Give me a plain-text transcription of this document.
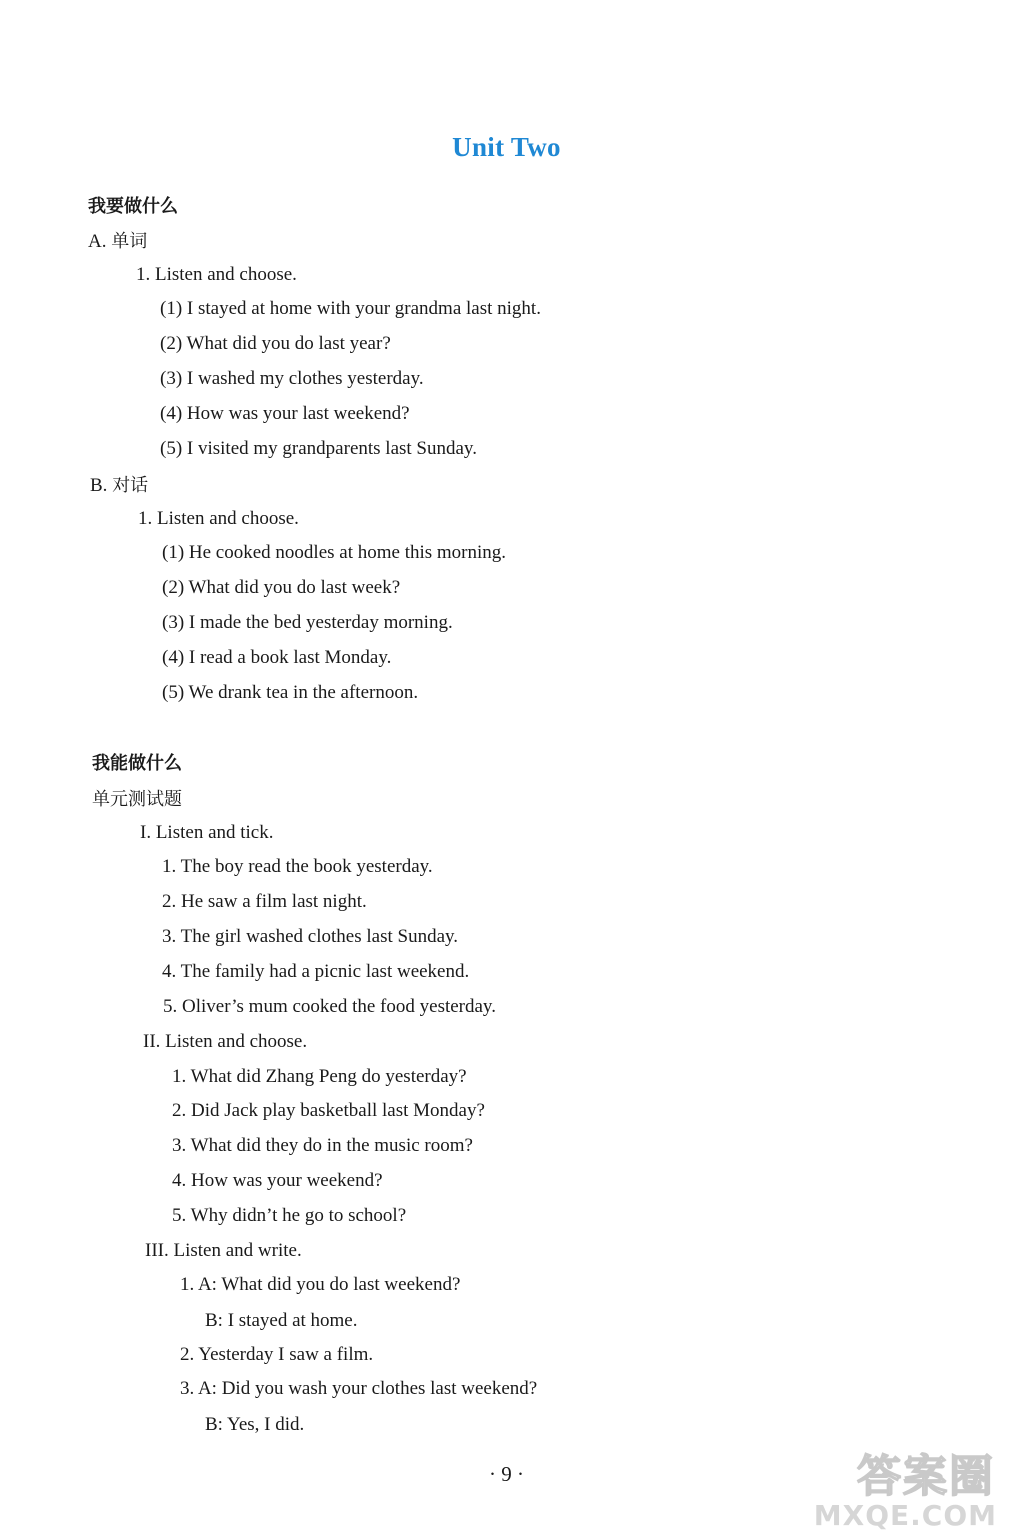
Unit Two
我要做什么
A. 单词
1. Listen and choose.
(1) I stayed at home with your grandma last night.
(2) What did you do last year?
(3) I washed my clothes yesterday.
(4) How was your last weekend?
(5) I visited my grandparents last Sunday.
B. 对话
1. Listen and choose.
(1) He cooked noodles at home this morning.
(2) What did you do last week?
(3) I made the bed yesterday morning.
(4) I read a book last Monday.
(5) We drank tea in the afternoon.
我能做什么
单元测试题
I. Listen and tick.
1. The boy read the book yesterday.
2. He saw a film last night.
3. The girl washed clothes last Sunday.
4. The family had a picnic last weekend.
5. Oliver’s mum cooked the food yesterday.
II. Listen and choose.
1. What did Zhang Peng do yesterday?
2. Did Jack play basketball last Monday?
3. What did they do in the music room?
4. How was your weekend?
5. Why didn’t he go to school?
III. Listen and write.
1. A: What did you do last weekend?
B: I stayed at home.
2. Yesterday I saw a film.
3. A: Did you wash your clothes last weekend?
B: Yes, I did.
· 9 ·	答案圈
MXQE.COM
